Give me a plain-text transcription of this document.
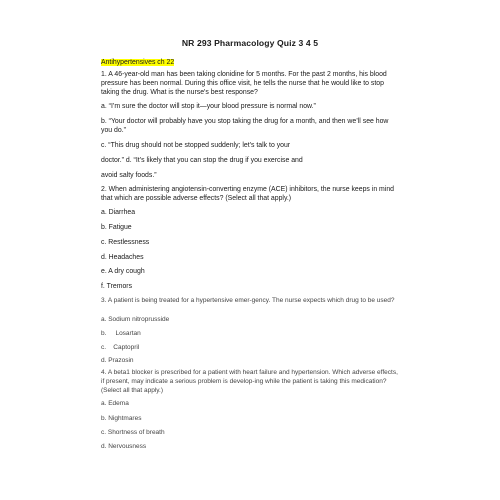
NR 293 Pharmacology Quiz 3 4 5
Antihypertensives ch 22
1. A 46-year-old man has been taking clonidine for 5 months. For the past 2 months, his blood pressure has been normal. During this office visit, he tells the nurse that he would like to stop taking the drug. What is the nurse's best response?
a. “I’m sure the doctor will stop it—your blood pressure is normal now.”
b. “Your doctor will probably have you stop taking the drug for a month, and then we’ll see how you do.”
c. “This drug should not be stopped suddenly; let’s talk to your
doctor.” d. “It’s likely that you can stop the drug if you exercise and
avoid salty foods.”
2. When administering angiotensin-converting enzyme (ACE) inhibitors, the nurse keeps in mind that which are possible adverse effects? (Select all that apply.)
a. Diarrhea
b. Fatigue
c. Restlessness
d. Headaches
e. A dry cough
f. Tremors
3. A patient is being treated for a hypertensive emer-gency. The nurse expects which drug to be used?
a. Sodium nitroprusside
b.     Losartan
c.    Captopril
d. Prazosin
4. A beta1 blocker is prescribed for a patient with heart failure and hypertension. Which adverse effects, if present, may indicate a serious problem is develop-ing while the patient is taking this medication? (Select all that apply.)
a. Edema
b. Nightmares
c. Shortness of breath
d. Nervousness
